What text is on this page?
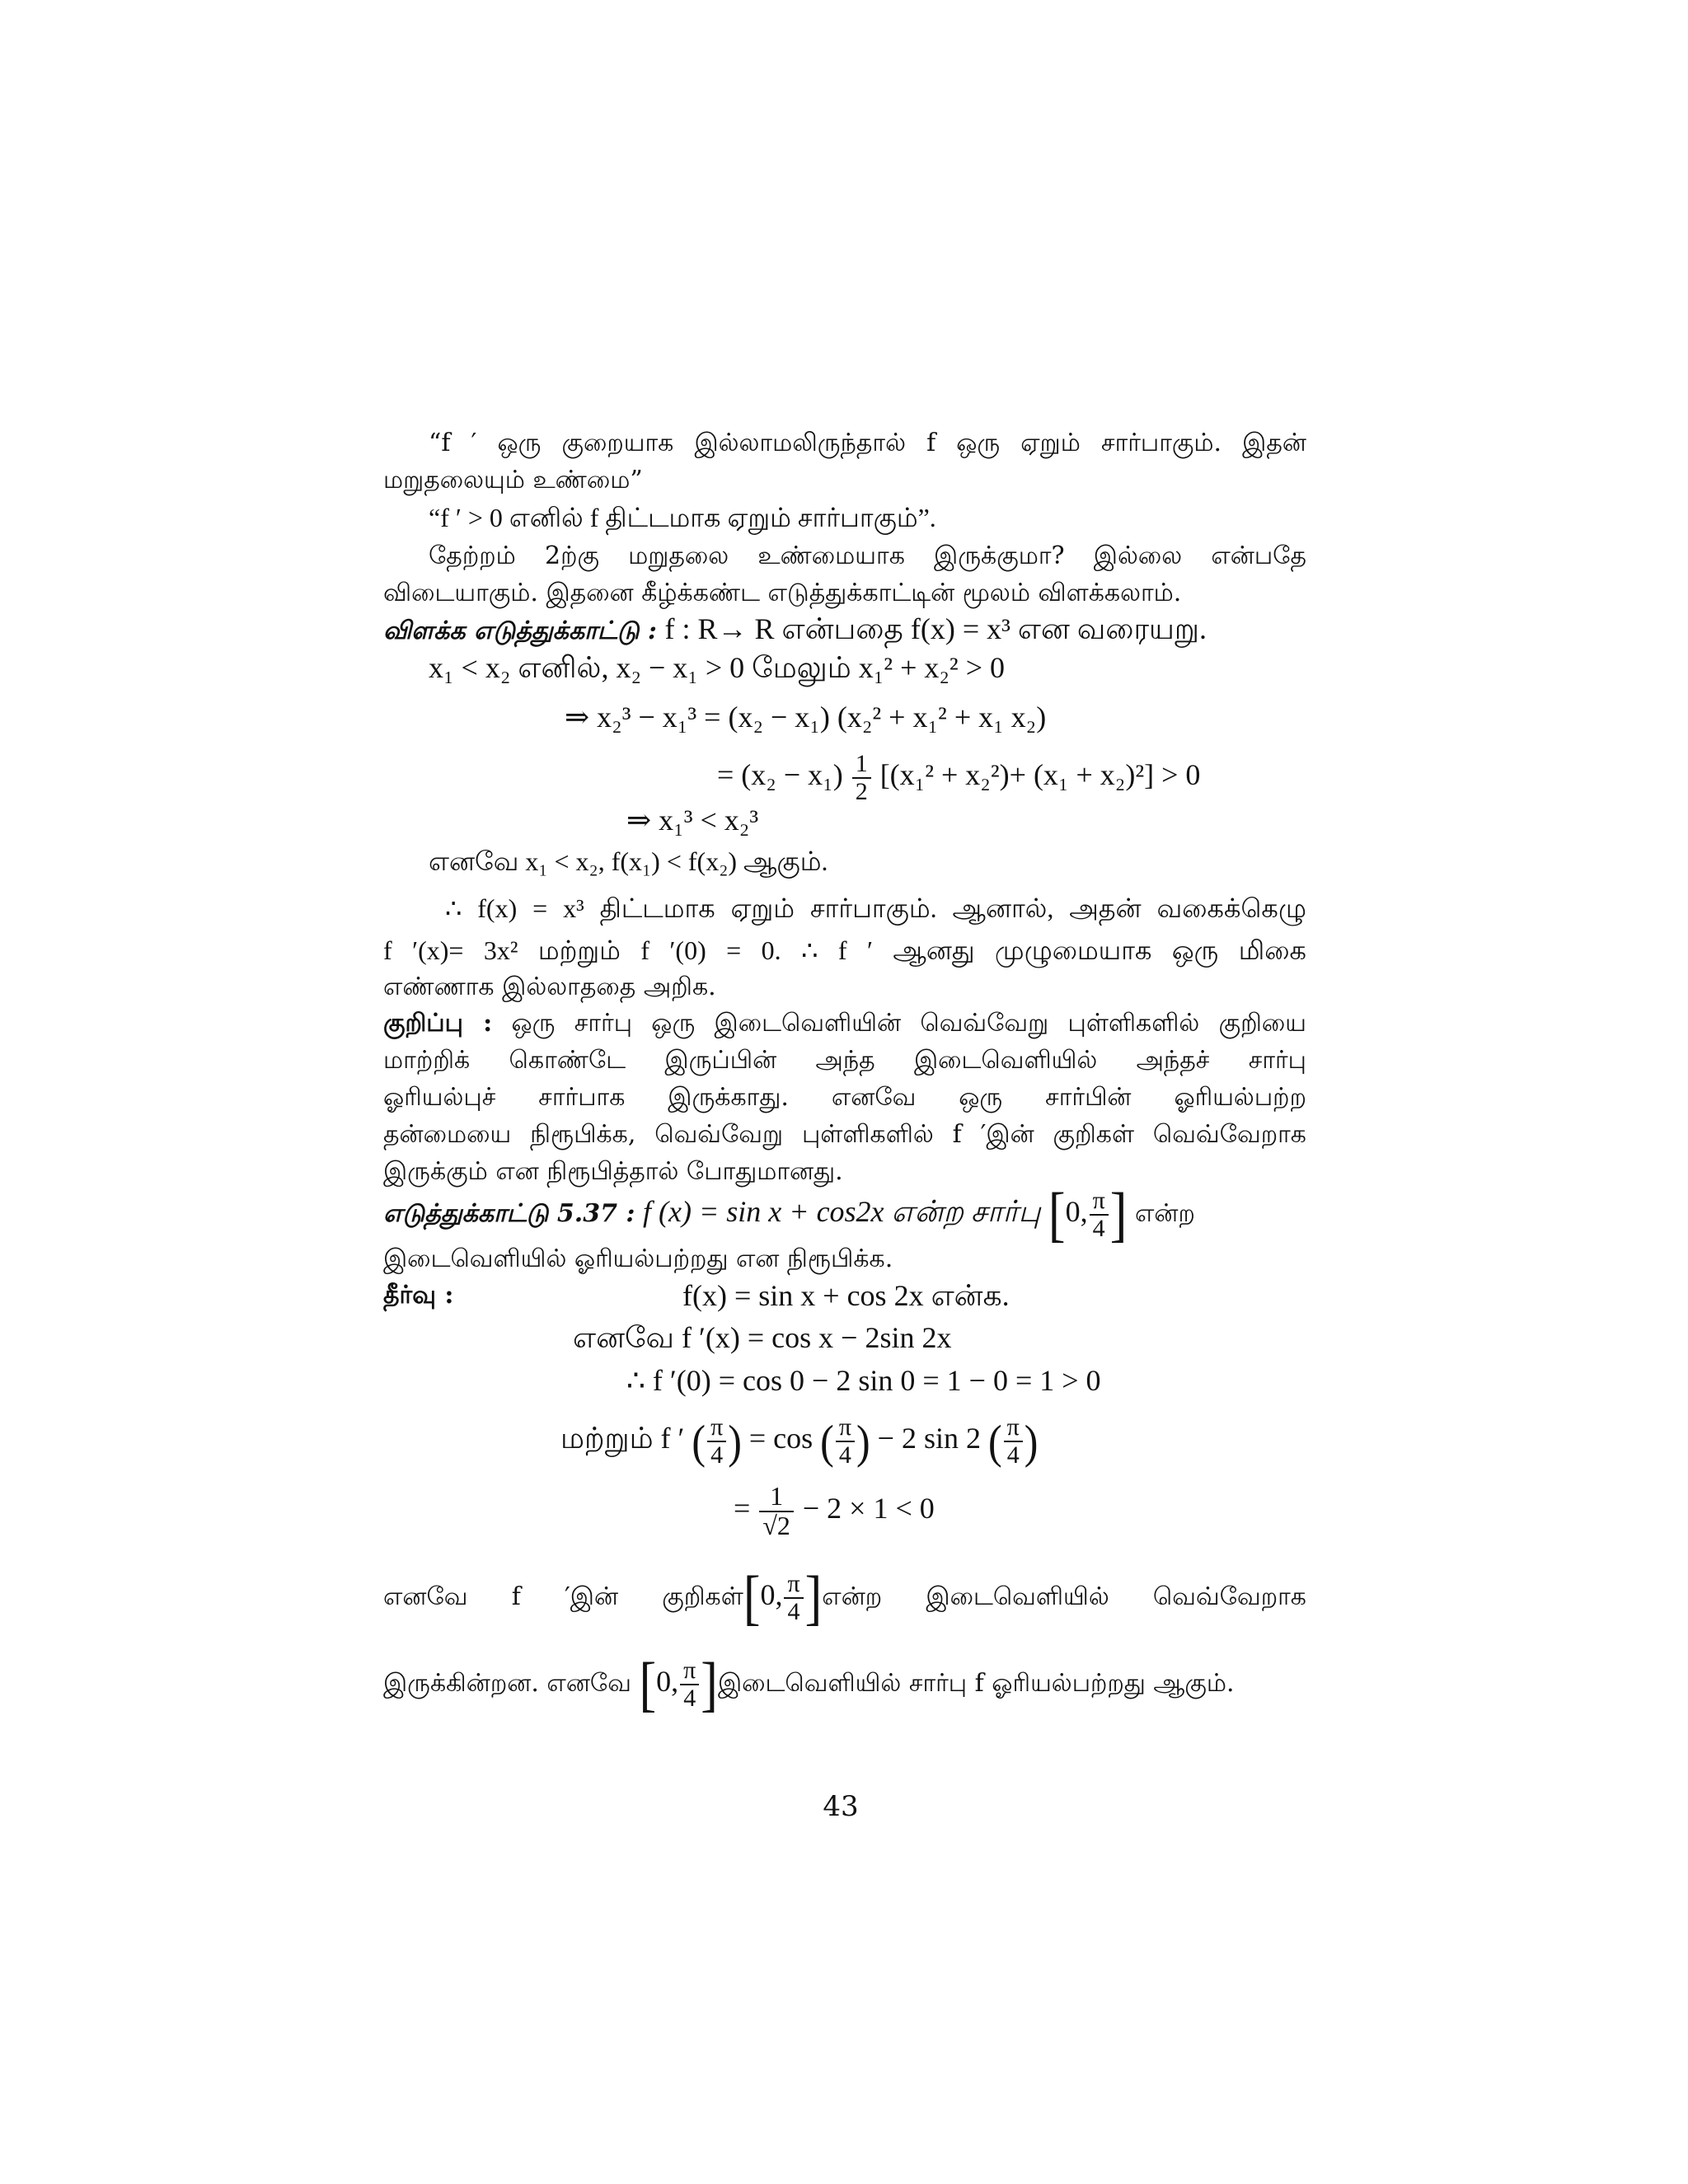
“f ′ ஒரு குறையாக இல்லாமலிருந்தால் f ஒரு ஏறும் சார்பாகும். இதன்
மறுதலையும் உண்மை”
“f ′ > 0 எனில் f திட்டமாக ஏறும் சார்பாகும்”.
தேற்றம் 2ற்கு மறுதலை உண்மையாக இருக்குமா? இல்லை என்பதே
விடையாகும். இதனை கீழ்க்கண்ட எடுத்துக்காட்டின் மூலம் விளக்கலாம்.
விளக்க எடுத்துக்காட்டு : f : R→ R என்பதை f(x) = x³ என வரையறு.
x₁ < x₂ எனில், x₂ − x₁ > 0 மேலும் x₁² + x₂² > 0
⇒ x₂³ − x₁³ = (x₂ − x₁) (x₂² + x₁² + x₁ x₂)
= $(x_2 - x_1) \frac{1}{2} [(x_1^2 + x_2^2)+ (x_1 + x_2)^2] > 0$
⇒ x₁³ < x₂³
எனவே x₁ < x₂, f(x₁) < f(x₂) ஆகும்.
∴ f(x) = x³ திட்டமாக ஏறும் சார்பாகும். ஆனால், அதன் வகைக்கெழு
f ′(x)= 3x² மற்றும் f ′(0) = 0. ∴ f ′ ஆனது முழுமையாக ஒரு மிகை
எண்ணாக இல்லாததை அறிக.
குறிப்பு : ஒரு சார்பு ஒரு இடைவெளியின் வெவ்வேறு புள்ளிகளில் குறியை
மாற்றிக் கொண்டே இருப்பின் அந்த இடைவெளியில் அந்தச் சார்பு
ஓரியல்புச் சார்பாக இருக்காது. எனவே ஒரு சார்பின் ஓரியல்பற்ற
தன்மையை நிரூபிக்க, வெவ்வேறு புள்ளிகளில் f ′இன் குறிகள் வெவ்வேறாக
இருக்கும் என நிரூபித்தால் போதுமானது.
எடுத்துக்காட்டு 5.37 : f (x) = sin x + cos2x என்ற சார்பு [0, $\frac{\pi}{4}$ ] என்ற
இடைவெளியில் ஓரியல்பற்றது என நிரூபிக்க.
தீர்வு :	f(x) = sin x + cos 2x என்க.
எனவே f ′(x) = cos x − 2sin 2x
∴ f ′(0) = cos 0 − 2 sin 0 = 1 − 0 = 1 > 0
மற்றும் f ′ ( $\frac{\pi}{4}$ ) = cos ( $\frac{\pi}{4}$ ) − 2 sin 2 ( $\frac{\pi}{4}$ )
= $\frac{1}{√2} - 2 \times 1 < 0$
எனவே f ′இன் குறிகள்[0, $\frac{\pi}{4}$ ]என்ற இடைவெளியில் வெவ்வேறாக
இருக்கின்றன. எனவே [0, $\frac{\pi}{4}$ ]இடைவெளியில் சார்பு f ஓரியல்பற்றது ஆகும்.
43
